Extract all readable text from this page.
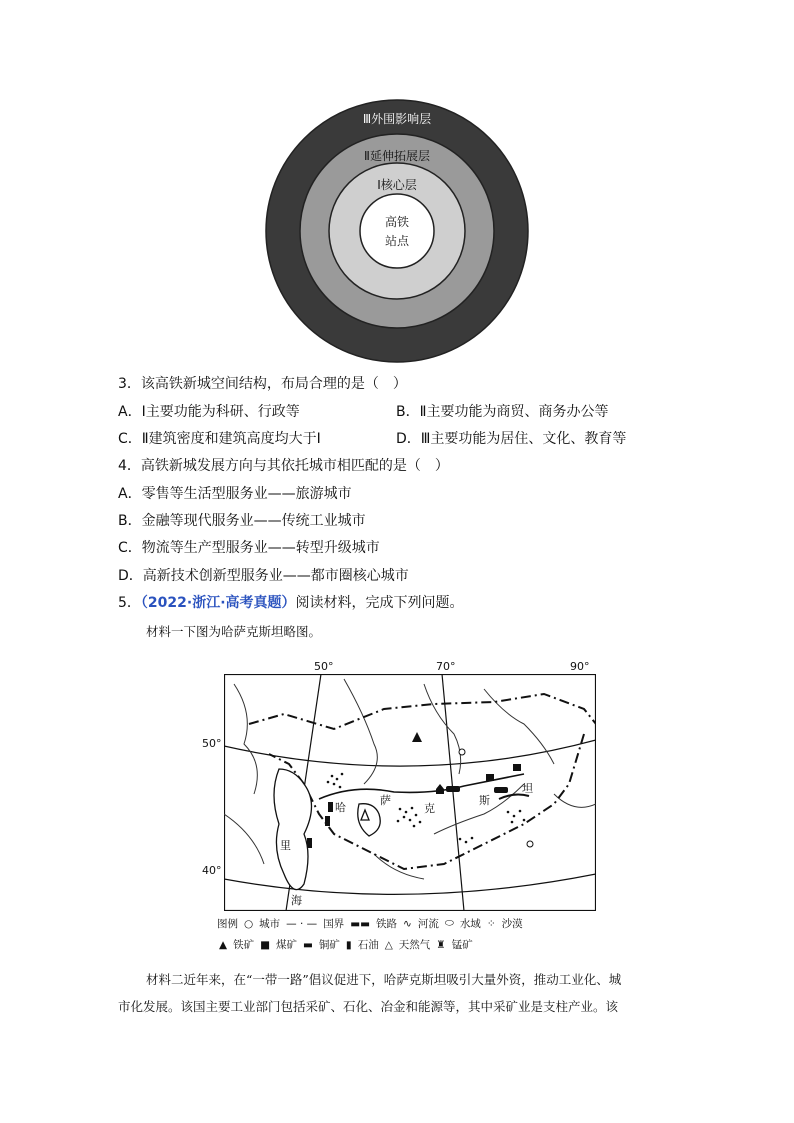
Ⅲ外围影响层
Ⅱ延伸拓展层
Ⅰ核心层
高铁
站点
3．该高铁新城空间结构，布局合理的是（　）
A．Ⅰ主要功能为科研、行政等	B．Ⅱ主要功能为商贸、商务办公等
C．Ⅱ建筑密度和建筑高度均大于Ⅰ	D．Ⅲ主要功能为居住、文化、教育等
4．高铁新城发展方向与其依托城市相匹配的是（　）
A．零售等生活型服务业——旅游城市
B．金融等现代服务业——传统工业城市
C．物流等生产型服务业——转型升级城市
D．高新技术创新型服务业——都市圈核心城市
5．（2022·浙江·高考真题）阅读材料，完成下列问题。
材料一下图为哈萨克斯坦略图。
50°	70°	90°
50°
40°
哈
萨
克
斯
坦
里
海
图例 ○ 城市 — · — 国界 ▬▬ 铁路 ∿ 河流 ⬭ 水域 ⁘ 沙漠
▲ 铁矿 ■ 煤矿 ▬ 铜矿 ▮ 石油 △ 天然气 ♜ 锰矿
材料二近年来，在“一带一路”倡议促进下，哈萨克斯坦吸引大量外资，推动工业化、城
市化发展。该国主要工业部门包括采矿、石化、冶金和能源等，其中采矿业是支柱产业。该
